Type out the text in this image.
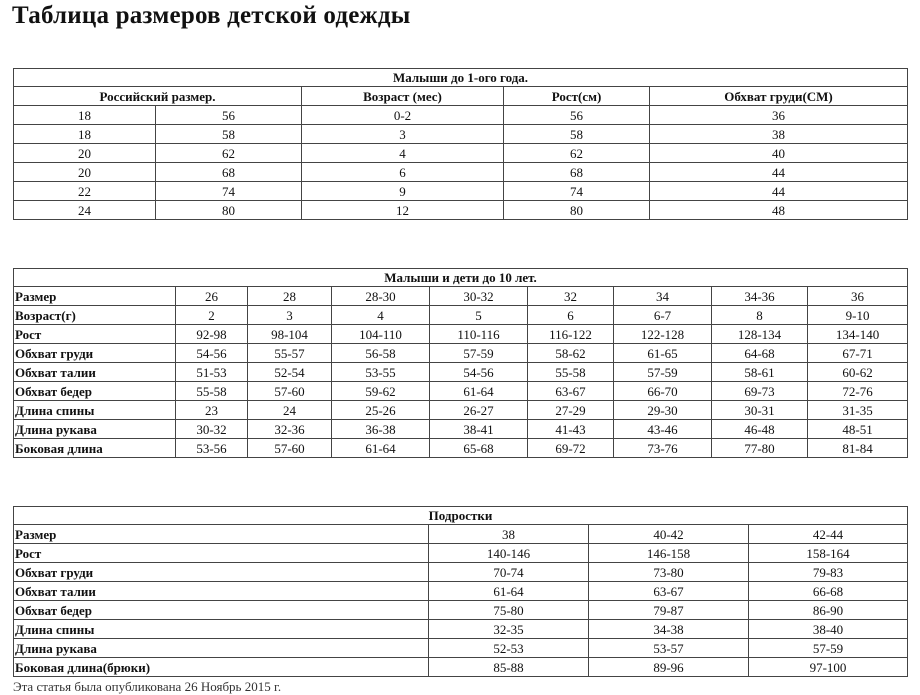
Таблица размеров детской одежды
Малыши до 1-ого года.				
Российский размер.		Возраст (мес)	Рост(см)	Обхват груди(СМ)
18	56	0-2	56	36
18	58	3	58	38
20	62	4	62	40
20	68	6	68	44
22	74	9	74	44
24	80	12	80	48
Малыши и дети до 10 лет.								
Размер	26	28	28-30	30-32	32	34	34-36	36
Возраст(г)	2	3	4	5	6	6-7	8	9-10
Рост	92-98	98-104	104-110	110-116	116-122	122-128	128-134	134-140
Обхват груди	54-56	55-57	56-58	57-59	58-62	61-65	64-68	67-71
Обхват талии	51-53	52-54	53-55	54-56	55-58	57-59	58-61	60-62
Обхват бедер	55-58	57-60	59-62	61-64	63-67	66-70	69-73	72-76
Длина спины	23	24	25-26	26-27	27-29	29-30	30-31	31-35
Длина рукава	30-32	32-36	36-38	38-41	41-43	43-46	46-48	48-51
Боковая длина	53-56	57-60	61-64	65-68	69-72	73-76	77-80	81-84
Подростки			
Размер	38	40-42	42-44
Рост	140-146	146-158	158-164
Обхват груди	70-74	73-80	79-83
Обхват талии	61-64	63-67	66-68
Обхват бедер	75-80	79-87	86-90
Длина спины	32-35	34-38	38-40
Длина рукава	52-53	53-57	57-59
Боковая длина(брюки)	85-88	89-96	97-100
Эта статья была опубликована 26 Ноябрь 2015 г.
